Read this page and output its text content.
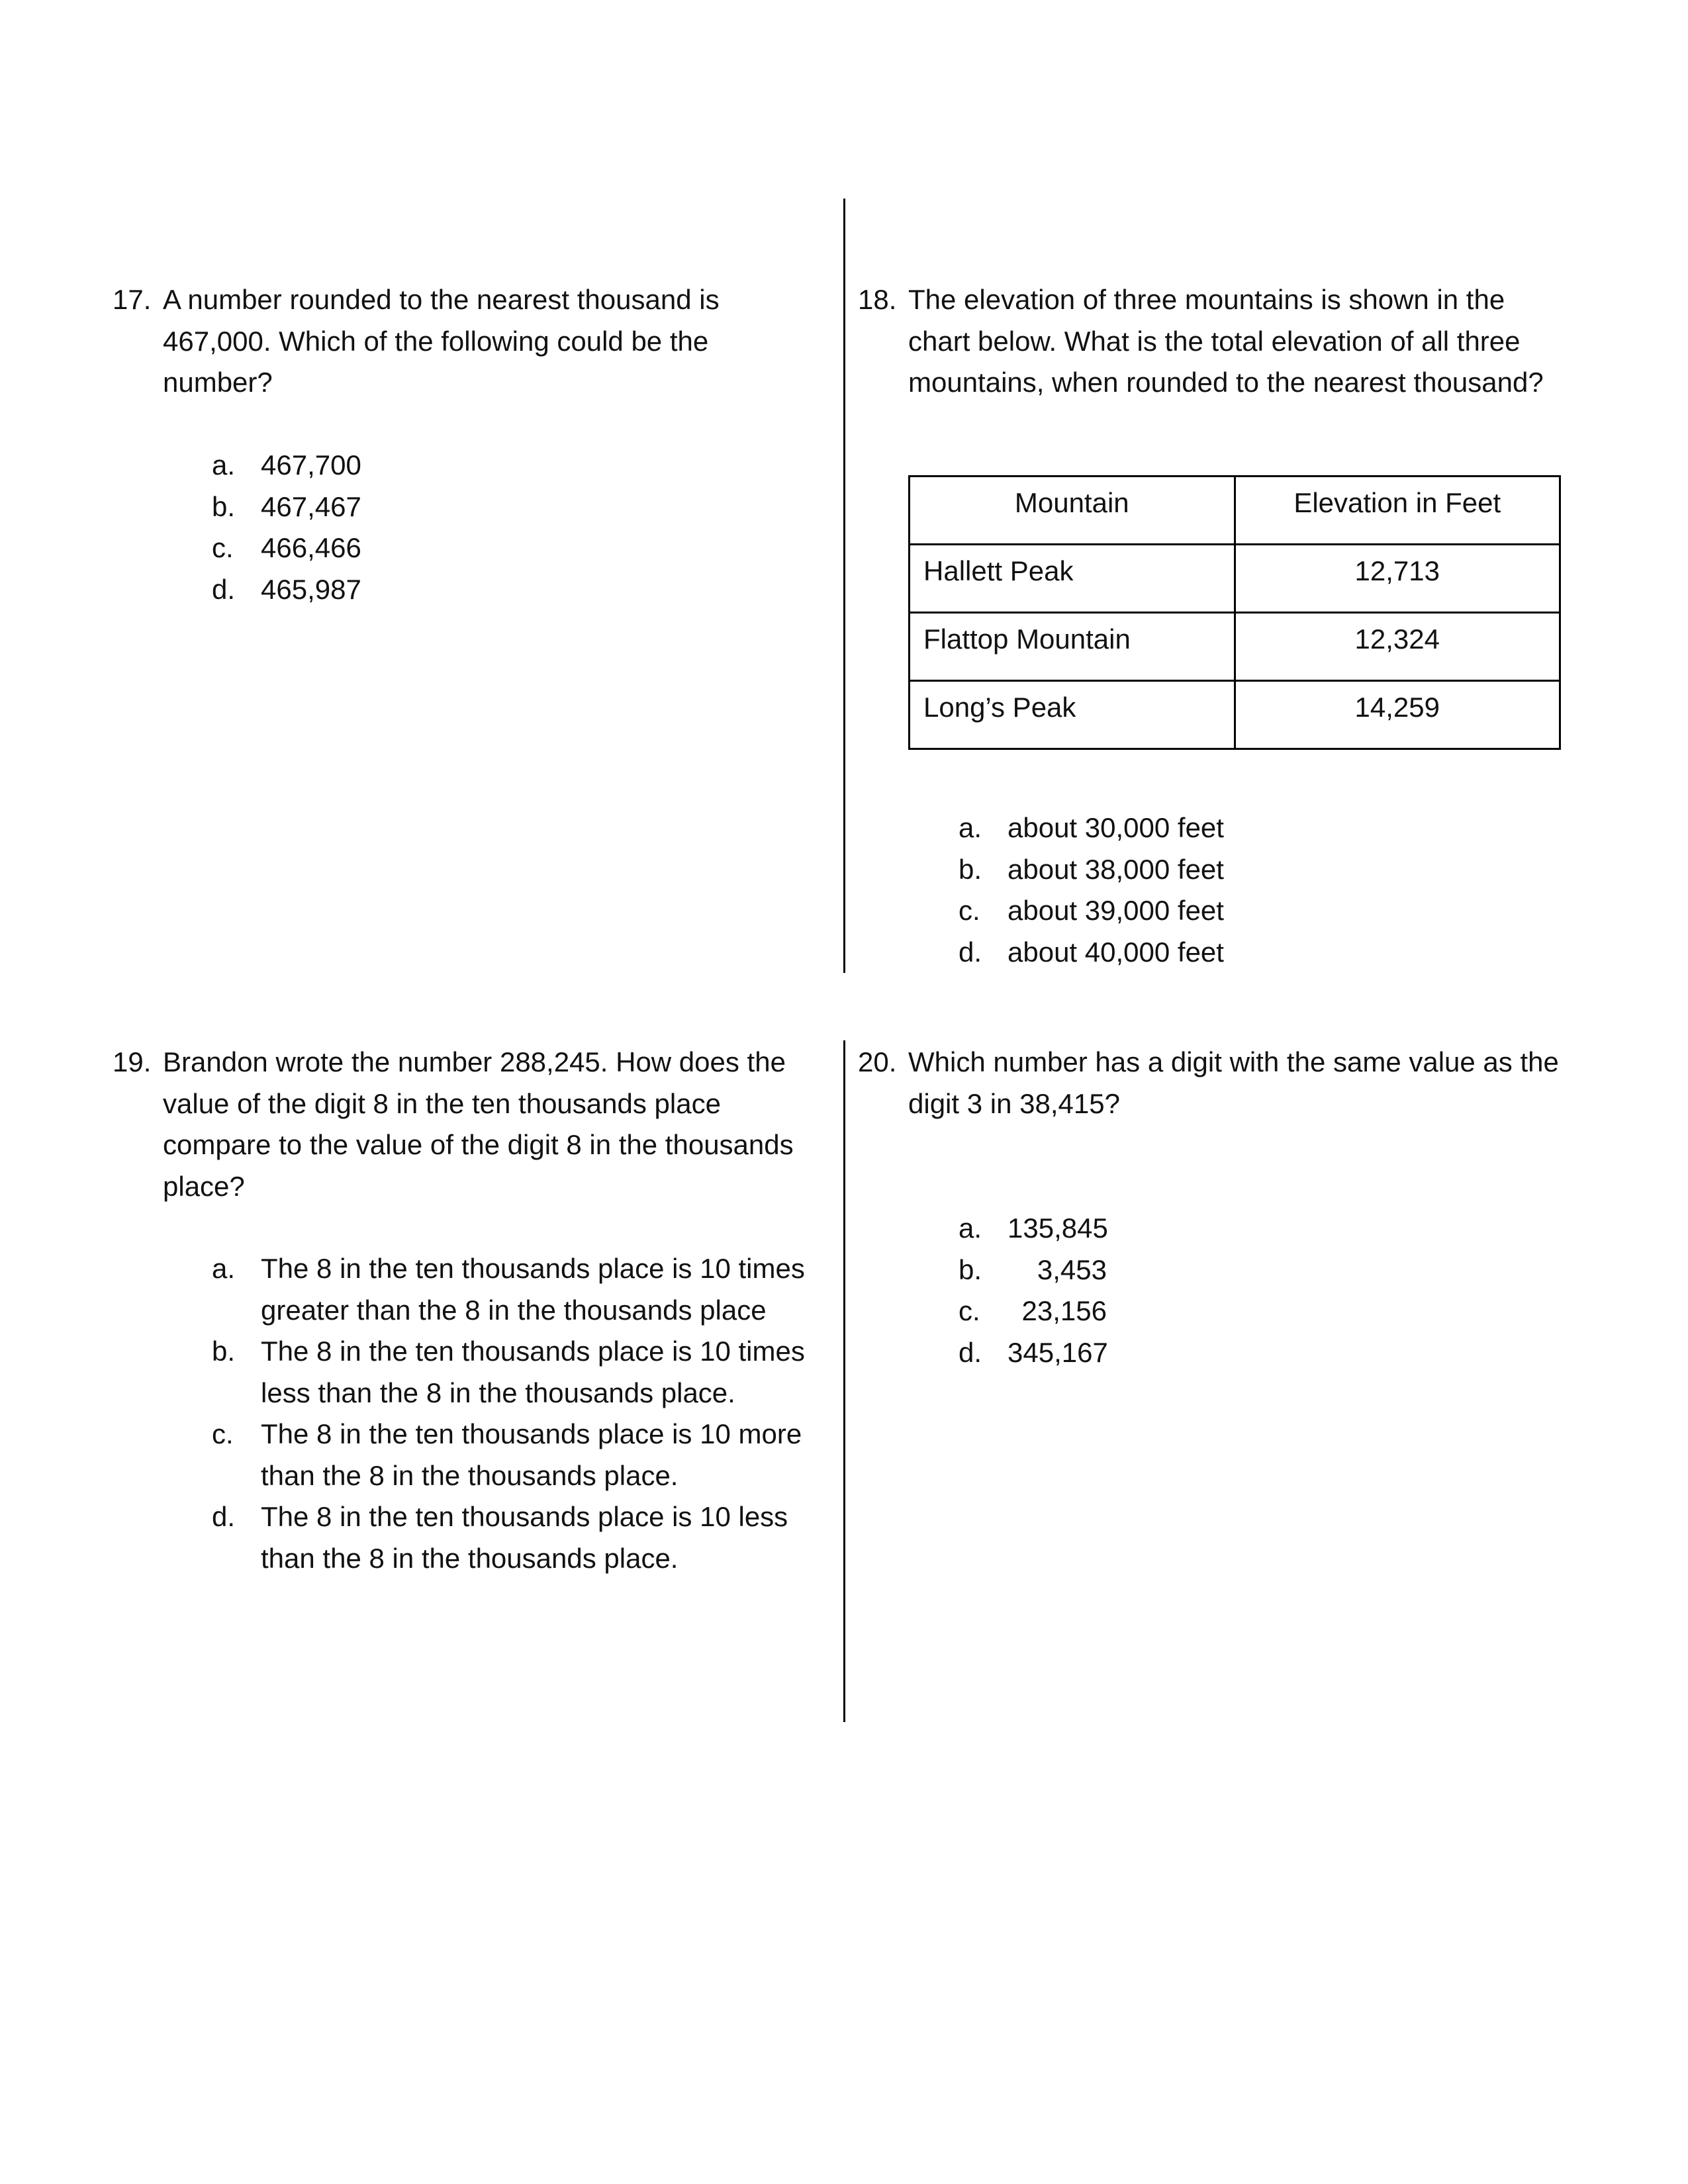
17. A number rounded to the nearest thousand is
467,000. Which of the following could be the
number?
a. 467,700
b. 467,467
c. 466,466
d. 465,987
18. The elevation of three mountains is shown in the
chart below. What is the total elevation of all three
mountains, when rounded to the nearest thousand?
Mountain	Elevation in Feet
Hallett Peak	12,713
Flattop Mountain	12,324
Long’s Peak	14,259
a. about 30,000 feet
b. about 38,000 feet
c. about 39,000 feet
d. about 40,000 feet
19. Brandon wrote the number 288,245. How does the
value of the digit 8 in the ten thousands place
compare to the value of the digit 8 in the thousands
place?
a. The 8 in the ten thousands place is 10 times
greater than the 8 in the thousands place
b. The 8 in the ten thousands place is 10 times
less than the 8 in the thousands place.
c. The 8 in the ten thousands place is 10 more
than the 8 in the thousands place.
d. The 8 in the ten thousands place is 10 less
than the 8 in the thousands place.
20. Which number has a digit with the same value as the
digit 3 in 38,415?
a. 135,845
b.	3,453
c.	23,156
d. 345,167
